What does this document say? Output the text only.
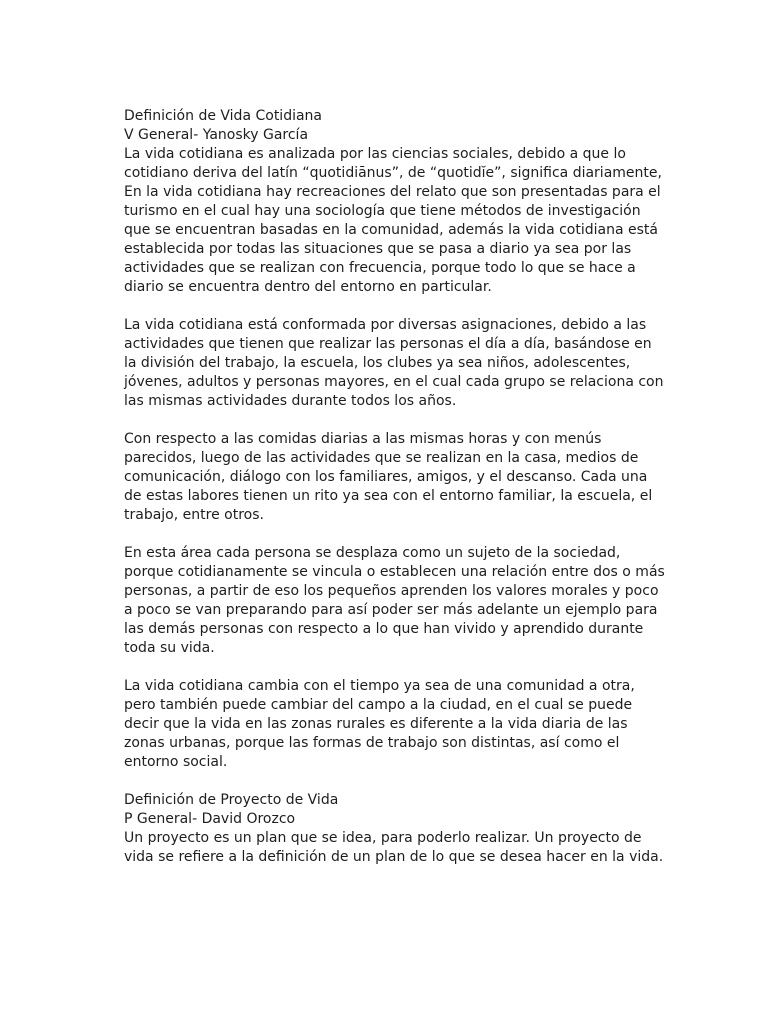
Definición de Vida Cotidiana
V General- Yanosky García

La vida cotidiana es analizada por las ciencias sociales, debido a que lo
cotidiano deriva del latín “quotidiānus”, de “quotidĭe”, significa diariamente,
En la vida cotidiana hay recreaciones del relato que son presentadas para el
turismo en el cual hay una sociología que tiene métodos de investigación
que se encuentran basadas en la comunidad, además la vida cotidiana está
establecida por todas las situaciones que se pasa a diario ya sea por las
actividades que se realizan con frecuencia, porque todo lo que se hace a
diario se encuentra dentro del entorno en particular.

La vida cotidiana está conformada por diversas asignaciones, debido a las
actividades que tienen que realizar las personas el día a día, basándose en
la división del trabajo, la escuela, los clubes ya sea niños, adolescentes,
jóvenes, adultos y personas mayores, en el cual cada grupo se relaciona con
las mismas actividades durante todos los años.

Con respecto a las comidas diarias a las mismas horas y con menús
parecidos, luego de las actividades que se realizan en la casa, medios de
comunicación, diálogo con los familiares, amigos, y el descanso. Cada una
de estas labores tienen un rito ya sea con el entorno familiar, la escuela, el
trabajo, entre otros.

En esta área cada persona se desplaza como un sujeto de la sociedad,
porque cotidianamente se vincula o establecen una relación entre dos o más
personas, a partir de eso los pequeños aprenden los valores morales y poco
a poco se van preparando para así poder ser más adelante un ejemplo para
las demás personas con respecto a lo que han vivido y aprendido durante
toda su vida.

La vida cotidiana cambia con el tiempo ya sea de una comunidad a otra,
pero también puede cambiar del campo a la ciudad, en el cual se puede
decir que la vida en las zonas rurales es diferente a la vida diaria de las
zonas urbanas, porque las formas de trabajo son distintas, así como el
entorno social.

Definición de Proyecto de Vida
P General- David Orozco

Un proyecto es un plan que se idea, para poderlo realizar. Un proyecto de
vida se refiere a la definición de un plan de lo que se desea hacer en la vida.
